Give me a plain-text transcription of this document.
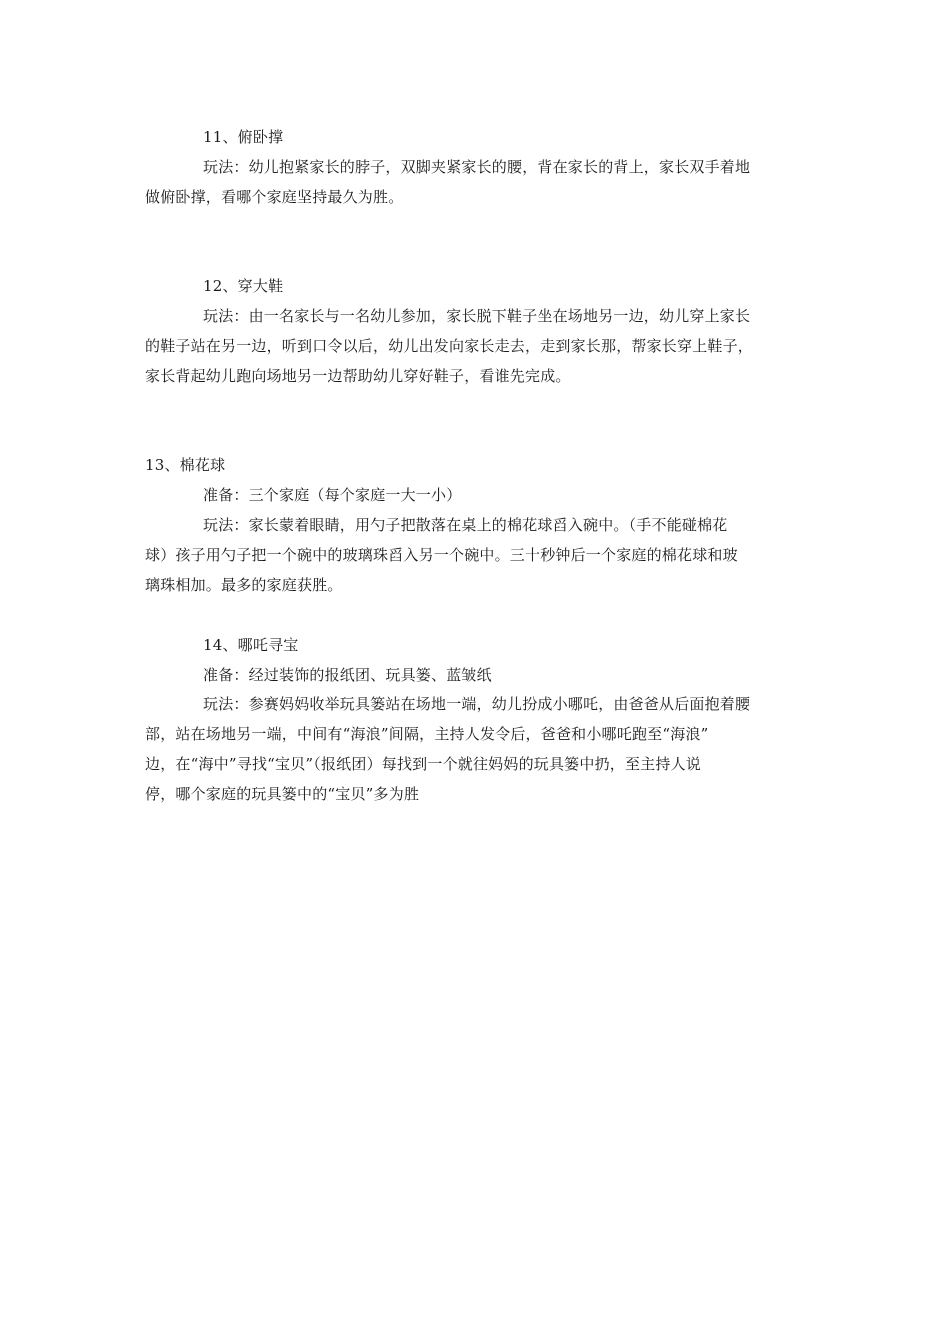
11、俯卧撑
玩法：幼儿抱紧家长的脖子，双脚夹紧家长的腰，背在家长的背上，家长双手着地
做俯卧撑，看哪个家庭坚持最久为胜。
12、穿大鞋
玩法：由一名家长与一名幼儿参加，家长脱下鞋子坐在场地另一边，幼儿穿上家长
的鞋子站在另一边，听到口令以后，幼儿出发向家长走去，走到家长那，帮家长穿上鞋子，
家长背起幼儿跑向场地另一边帮助幼儿穿好鞋子，看谁先完成。
13、棉花球
准备：三个家庭（每个家庭一大一小）
玩法：家长蒙着眼睛，用勺子把散落在桌上的棉花球舀入碗中。（手不能碰棉花
球）孩子用勺子把一个碗中的玻璃珠舀入另一个碗中。三十秒钟后一个家庭的棉花球和玻
璃珠相加。最多的家庭获胜。
14、哪吒寻宝
准备：经过装饰的报纸团、玩具篓、蓝皱纸
玩法：参赛妈妈收举玩具篓站在场地一端，幼儿扮成小哪吒，由爸爸从后面抱着腰
部，站在场地另一端，中间有“海浪”间隔，主持人发令后，爸爸和小哪吒跑至“海浪”
边，在“海中”寻找“宝贝”（报纸团）每找到一个就往妈妈的玩具篓中扔，至主持人说
停，哪个家庭的玩具篓中的“宝贝”多为胜
